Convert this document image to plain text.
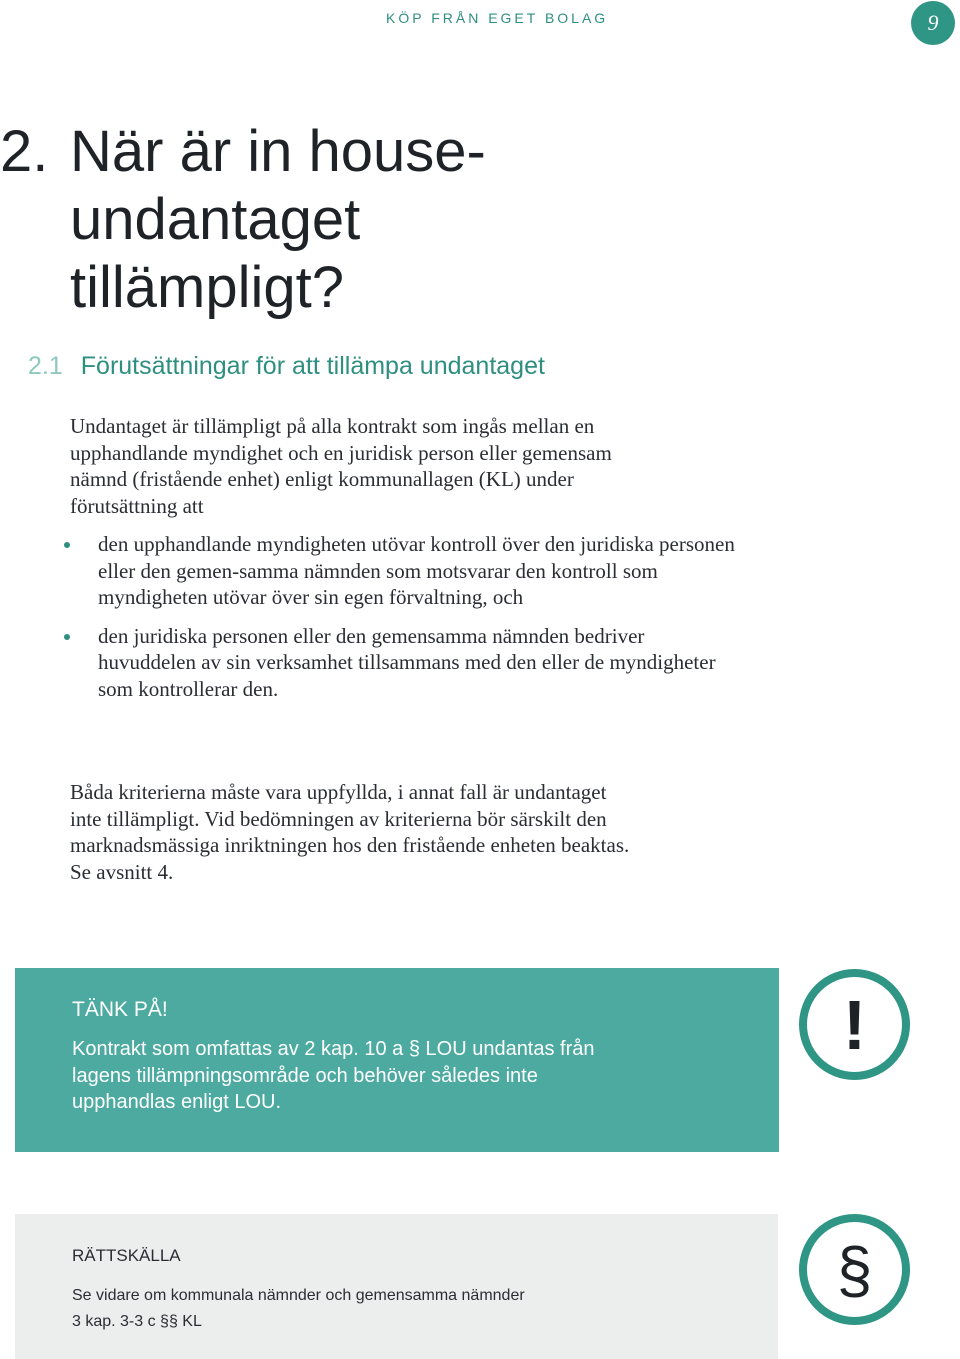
KÖP FRÅN EGET BOLAG	9
2. När är in house-undantaget tillämpligt?
2.1 Förutsättningar för att tillämpa undantaget
Undantaget är tillämpligt på alla kontrakt som ingås mellan en upphandlande myndighet och en juridisk person eller gemensam nämnd (fristående enhet) enligt kommunallagen (KL) under förutsättning att
den upphandlande myndigheten utövar kontroll över den juridiska personen eller den gemen-samma nämnden som motsvarar den kontroll som myndigheten utövar över sin egen förvaltning, och
den juridiska personen eller den gemensamma nämnden bedriver huvuddelen av sin verksamhet tillsammans med den eller de myndigheter som kontrollerar den.
Båda kriterierna måste vara uppfyllda, i annat fall är undantaget inte tillämpligt. Vid bedömningen av kriterierna bör särskilt den marknadsmässiga inriktningen hos den fristående enheten beaktas. Se avsnitt 4.
TÄNK PÅ!
Kontrakt som omfattas av 2 kap. 10 a § LOU undantas från lagens tillämpningsområde och behöver således inte upphandlas enligt LOU.
!
RÄTTSKÄLLA
Se vidare om kommunala nämnder och gemensamma nämnder
3 kap. 3-3 c §§ KL
§
